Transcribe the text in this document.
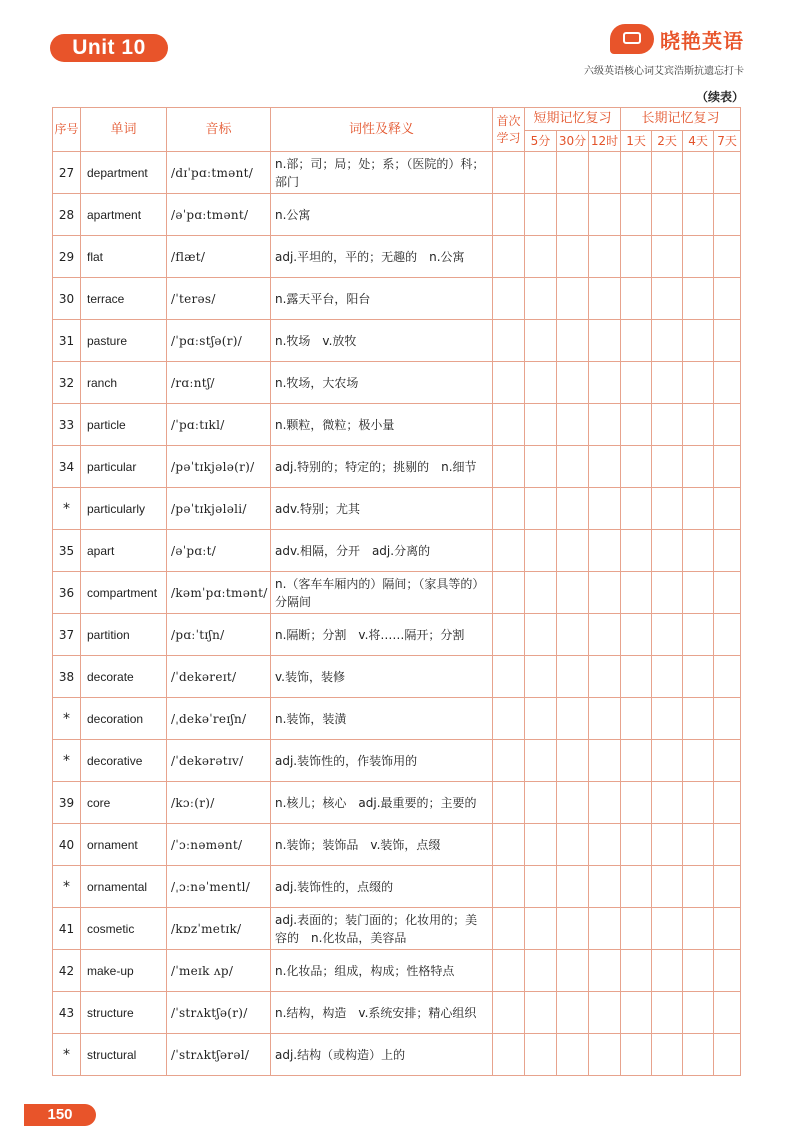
Unit 10	晓艳英语
六级英语核心词艾宾浩斯抗遗忘打卡
（续表）
序号	单词	音标	词性及释义	首次学习	短期记忆复习			长期记忆复习			
					5分	30分	12时	1天	2天	4天	7天
27	department	/dɪˈpɑːtmənt/	n.部；司；局；处；系；（医院的）科；部门								
28	apartment	/əˈpɑːtmənt/	n.公寓								
29	flat	/flæt/	adj.平坦的，平的；无趣的　n.公寓								
30	terrace	/ˈterəs/	n.露天平台，阳台								
31	pasture	/ˈpɑːstʃə(r)/	n.牧场　v.放牧								
32	ranch	/rɑːntʃ/	n.牧场，大农场								
33	particle	/ˈpɑːtɪkl/	n.颗粒，微粒；极小量								
34	particular	/pəˈtɪkjələ(r)/	adj.特别的；特定的；挑剔的　n.细节								
*	particularly	/pəˈtɪkjələli/	adv.特别；尤其								
35	apart	/əˈpɑːt/	adv.相隔，分开　adj.分离的								
36	compartment	/kəmˈpɑːtmənt/	n.（客车车厢内的）隔间；（家具等的）分隔间								
37	partition	/pɑːˈtɪʃn/	n.隔断；分割　v.将……隔开；分割								
38	decorate	/ˈdekəreɪt/	v.装饰，装修								
*	decoration	/ˌdekəˈreɪʃn/	n.装饰，装潢								
*	decorative	/ˈdekərətɪv/	adj.装饰性的，作装饰用的								
39	core	/kɔː(r)/	n.核儿；核心　adj.最重要的；主要的								
40	ornament	/ˈɔːnəmənt/	n.装饰；装饰品　v.装饰，点缀								
*	ornamental	/ˌɔːnəˈmentl/	adj.装饰性的，点缀的								
41	cosmetic	/kɒzˈmetɪk/	adj.表面的；装门面的；化妆用的；美容的　n.化妆品，美容品								
42	make-up	/ˈmeɪk ʌp/	n.化妆品；组成，构成；性格特点								
43	structure	/ˈstrʌktʃə(r)/	n.结构，构造　v.系统安排；精心组织								
*	structural	/ˈstrʌktʃərəl/	adj.结构（或构造）上的								
150
